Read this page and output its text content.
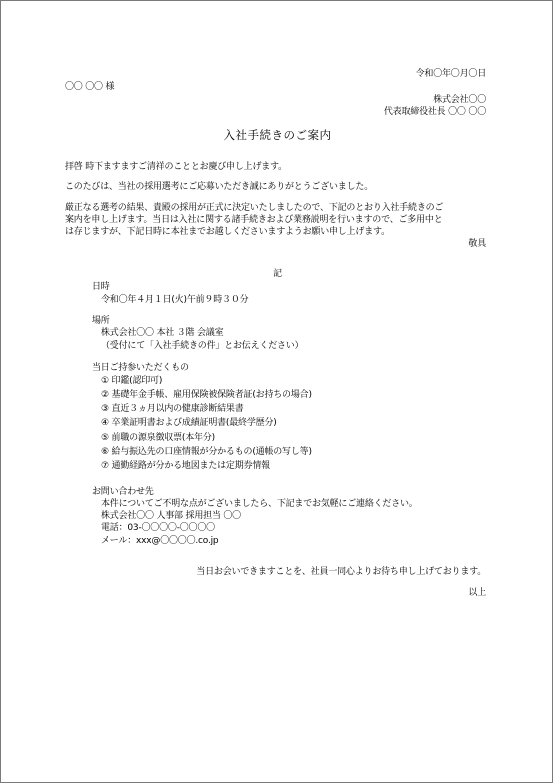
令和〇年〇月〇日
〇〇 〇〇 様
株式会社〇〇
代表取締役社長 〇〇 〇〇
入社手続きのご案内
拝啓 時下ますますご清祥のこととお慶び申し上げます。
このたびは、当社の採用選考にご応募いただき誠にありがとうございました。
厳正なる選考の結果、貴殿の採用が正式に決定いたしましたので、下記のとおり入社手続きのご
案内を申し上げます。当日は入社に関する諸手続きおよび業務説明を行いますので、ご多用中と
は存じますが、下記日時に本社までお越しくださいますようお願い申し上げます。
敬具
記
日時
令和〇年４月１日(火)午前９時３０分
場所
株式会社〇〇 本社 ３階 会議室
（受付にて「入社手続きの件」とお伝えください）
当日ご持参いただくもの
① 印鑑(認印可)
② 基礎年金手帳、雇用保険被保険者証(お持ちの場合)
③ 直近３ヵ月以内の健康診断結果書
④ 卒業証明書および成績証明書(最終学歴分)
⑤ 前職の源泉徴収票(本年分)
⑥ 給与振込先の口座情報が分かるもの(通帳の写し等)
⑦ 通勤経路が分かる地図または定期券情報
お問い合わせ先
本件についてご不明な点がございましたら、下記までお気軽にご連絡ください。
株式会社〇〇 人事部 採用担当 〇〇
電話：03-〇〇〇〇-〇〇〇〇
メール：xxx@〇〇〇〇.co.jp
当日お会いできますことを、社員一同心よりお待ち申し上げております。
以上
